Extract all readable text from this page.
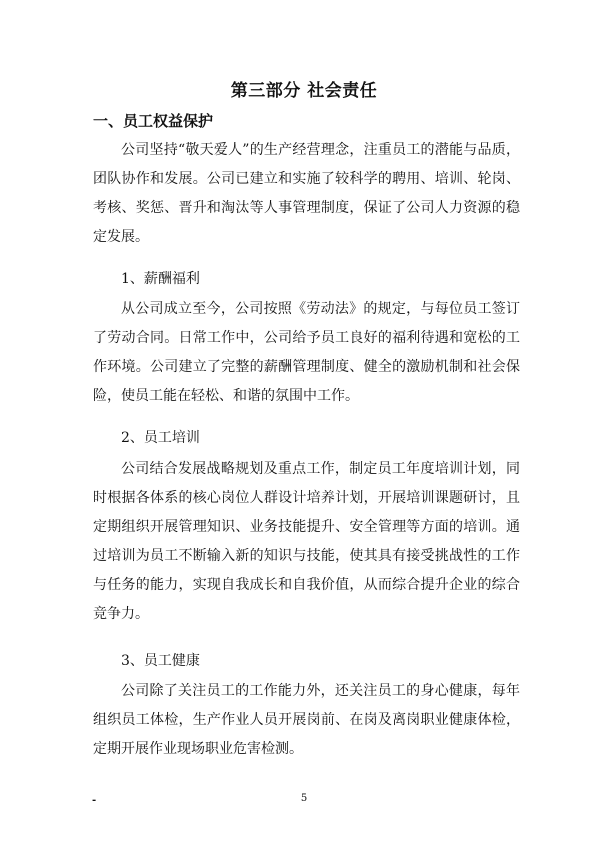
第三部分 社会责任
一、员工权益保护

公司坚持“敬天爱人”的生产经营理念，注重员工的潜能与品质，团队协作和发展。公司已建立和实施了较科学的聘用、培训、轮岗、考核、奖惩、晋升和淘汰等人事管理制度，保证了公司人力资源的稳定发展。

1、薪酬福利

从公司成立至今，公司按照《劳动法》的规定，与每位员工签订了劳动合同。日常工作中，公司给予员工良好的福利待遇和宽松的工作环境。公司建立了完整的薪酬管理制度、健全的激励机制和社会保险，使员工能在轻松、和谐的氛围中工作。

2、员工培训

公司结合发展战略规划及重点工作，制定员工年度培训计划，同时根据各体系的核心岗位人群设计培养计划，开展培训课题研讨，且定期组织开展管理知识、业务技能提升、安全管理等方面的培训。通过培训为员工不断输入新的知识与技能，使其具有接受挑战性的工作与任务的能力，实现自我成长和自我价值，从而综合提升企业的综合竞争力。

3、员工健康

公司除了关注员工的工作能力外，还关注员工的身心健康，每年组织员工体检，生产作业人员开展岗前、在岗及离岗职业健康体检，定期开展作业现场职业危害检测。

-	5
